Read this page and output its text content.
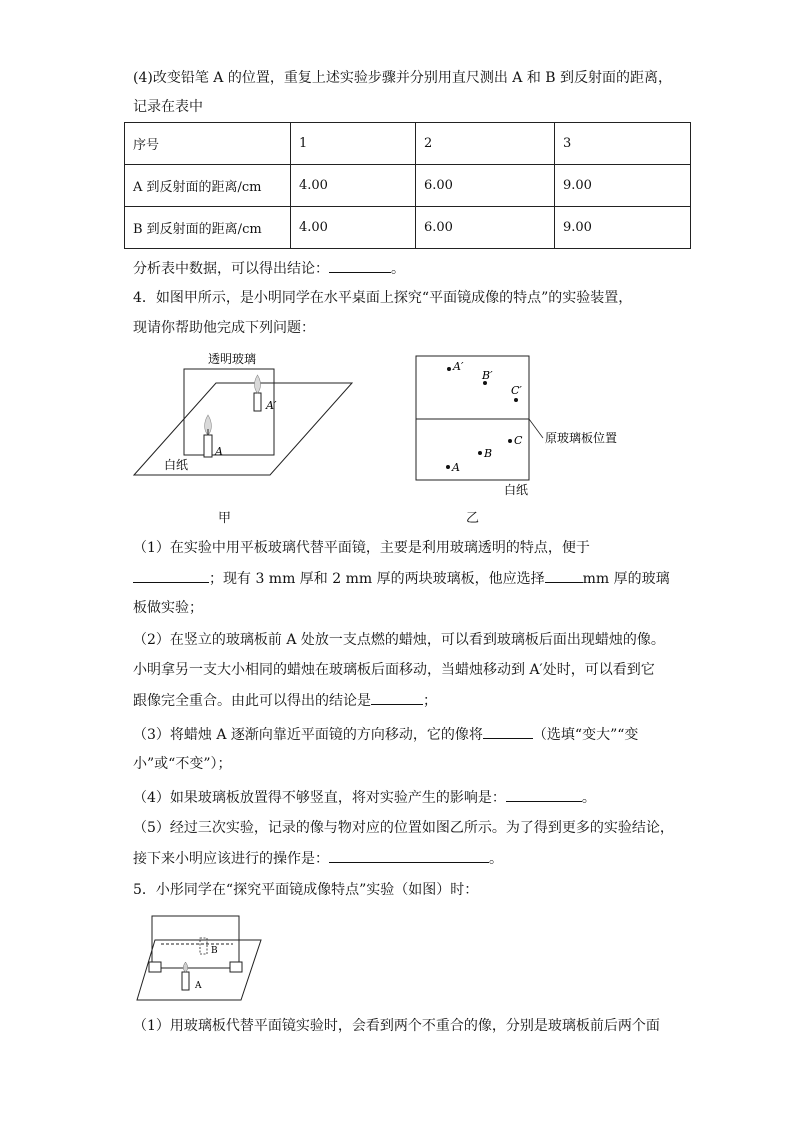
(4)改变铅笔 A 的位置，重复上述实验步骤并分别用直尺测出 A 和 B 到反射面的距离，
记录在表中
序号	1	2	3
A 到反射面的距离/cm	4.00	6.00	9.00
B 到反射面的距离/cm	4.00	6.00	9.00
分析表中数据，可以得出结论：	。
4．如图甲所示，是小明同学在水平桌面上探究“平面镜成像的特点”的实验装置，
现请你帮助他完成下列问题：
透明玻璃
白纸
A
A′
甲
A′
B′
C′
C
B
A
原玻璃板位置
白纸
乙
（1）在实验中用平板玻璃代替平面镜，主要是利用玻璃透明的特点，便于
；现有 3 mm 厚和 2 mm 厚的两块玻璃板，他应选择	mm 厚的玻璃
板做实验；
（2）在竖立的玻璃板前 A 处放一支点燃的蜡烛，可以看到玻璃板后面出现蜡烛的像。
小明拿另一支大小相同的蜡烛在玻璃板后面移动，当蜡烛移动到 A′处时，可以看到它
跟像完全重合。由此可以得出的结论是	；
（3）将蜡烛 A 逐渐向靠近平面镜的方向移动，它的像将	（选填“变大”“变
小”或“不变”）；
（4）如果玻璃板放置得不够竖直，将对实验产生的影响是：	。
（5）经过三次实验，记录的像与物对应的位置如图乙所示。为了得到更多的实验结论，
接下来小明应该进行的操作是：	。
5．小彤同学在“探究平面镜成像特点”实验（如图）时：
B
A
（1）用玻璃板代替平面镜实验时，会看到两个不重合的像，分别是玻璃板前后两个面
